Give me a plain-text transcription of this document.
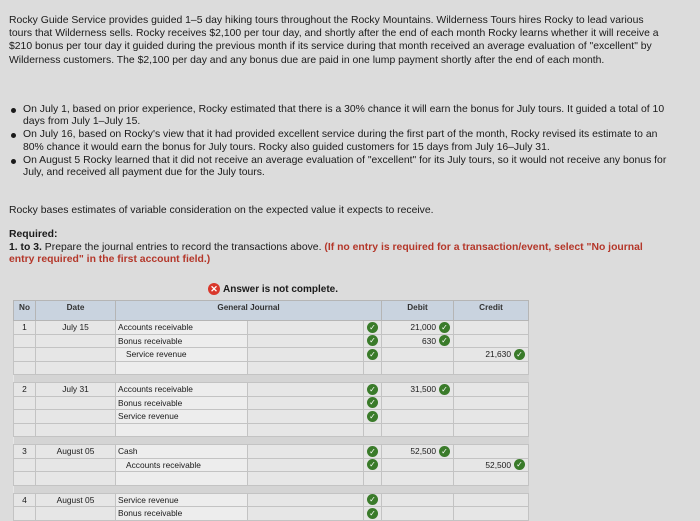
Rocky Guide Service provides guided 1–5 day hiking tours throughout the Rocky Mountains. Wilderness Tours hires Rocky to lead various tours that Wilderness sells. Rocky receives $2,100 per tour day, and shortly after the end of each month Rocky learns whether it will receive a $210 bonus per tour day it guided during the previous month if its service during that month received an average evaluation of "excellent" by Wilderness customers. The $2,100 per day and any bonus due are paid in one lump payment shortly after the end of each month.

On July 1, based on prior experience, Rocky estimated that there is a 30% chance it will earn the bonus for July tours. It guided a total of 10 days from July 1–July 15.
On July 16, based on Rocky's view that it had provided excellent service during the first part of the month, Rocky revised its estimate to an 80% chance it would earn the bonus for July tours. Rocky also guided customers for 15 days from July 16–July 31.
On August 5 Rocky learned that it did not receive an average evaluation of "excellent" for its July tours, so it would not receive any bonus for July, and received all payment due for the July tours.
Rocky bases estimates of variable consideration on the expected value it expects to receive.
Required:
1. to 3. Prepare the journal entries to record the transactions above. (If no entry is required for a transaction/event, select "No journal entry required" in the first account field.)
✕ Answer is not complete.
No	Date	General Journal			Debit	Credit
1	July 15	Accounts receivable		✓	21,000 ✓	

		Bonus receivable		✓	630 ✓	

		Service revenue		✓		21,630 ✓

2	July 31	Accounts receivable		✓	31,500 ✓	

		Bonus receivable		✓		
		Service revenue		✓		

3	August 05	Cash		✓	52,500 ✓	

		Accounts receivable		✓		52,500 ✓

4	August 05	Service revenue		✓		
		Bonus receivable		✓		
